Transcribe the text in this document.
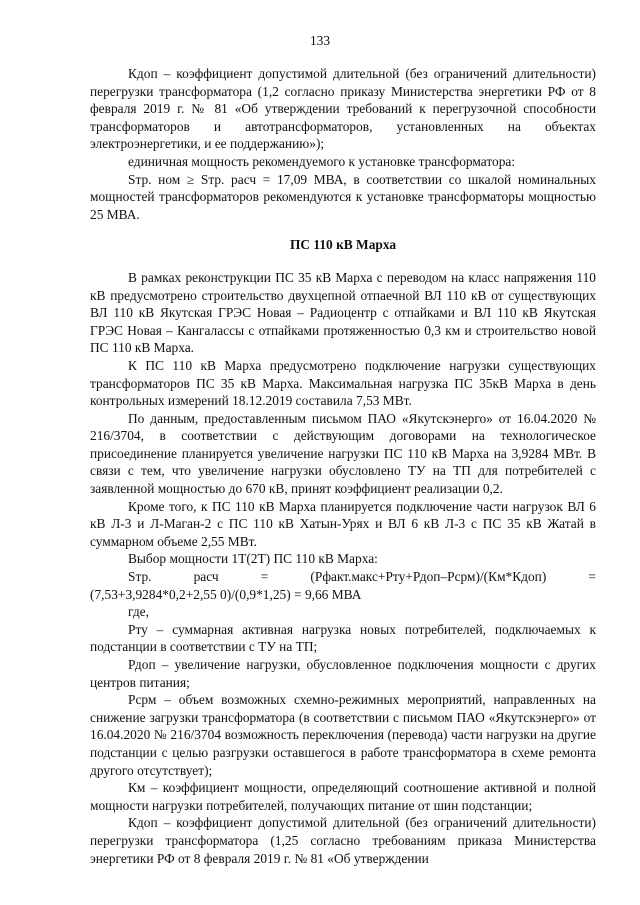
133

Кдоп – коэффициент допустимой длительной (без ограничений длительности) перегрузки трансформатора (1,2 согласно приказу Министерства энергетики РФ от 8 февраля 2019 г. № 81 «Об утверждении требований к перегрузочной способности трансформаторов и автотрансформаторов, установленных на объектах электроэнергетики, и ее поддержанию»);

единичная мощность рекомендуемого к установке трансформатора:

Sтр. ном ≥ Sтр. расч = 17,09 МВА, в соответствии со шкалой номинальных мощностей трансформаторов рекомендуются к установке трансформаторы мощностью 25 МВА.

ПС 110 кВ Марха

В рамках реконструкции ПС 35 кВ Марха с переводом на класс напряжения 110 кВ предусмотрено строительство двухцепной отпаечной ВЛ 110 кВ от существующих ВЛ 110 кВ Якутская ГРЭС Новая – Радиоцентр с отпайками и ВЛ 110 кВ Якутская ГРЭС Новая – Кангалассы с отпайками протяженностью 0,3 км и строительство новой ПС 110 кВ Марха.

К ПС 110 кВ Марха предусмотрено подключение нагрузки существующих трансформаторов ПС 35 кВ Марха. Максимальная нагрузка ПС 35кВ Марха в день контрольных измерений 18.12.2019 составила 7,53 МВт.

По данным, предоставленным письмом ПАО «Якутскэнерго» от 16.04.2020 № 216/3704, в соответствии с действующим договорами на технологическое присоединение планируется увеличение нагрузки ПС 110 кВ Марха на 3,9284 МВт. В связи с тем, что увеличение нагрузки обусловлено ТУ на ТП для потребителей с заявленной мощностью до 670 кВ, принят коэффициент реализации 0,2.

Кроме того, к ПС 110 кВ Марха планируется подключение части нагрузок ВЛ 6 кВ Л-3 и Л-Маган-2 с ПС 110 кВ Хатын-Урях и ВЛ 6 кВ Л-3 с ПС 35 кВ Жатай в суммарном объеме 2,55 МВт.

Выбор мощности 1Т(2Т) ПС 110 кВ Марха:

Sтр.	расч	=	(Рфакт.макс+Рту+Рдоп–Рсрм)/(Км*Кдоп)	=

(7,53+3,9284*0,2+2,55 0)/(0,9*1,25) = 9,66 МВА

где,

Рту – суммарная активная нагрузка новых потребителей, подключаемых к подстанции в соответствии с ТУ на ТП;

Рдоп – увеличение нагрузки, обусловленное подключения мощности с других центров питания;

Рсрм – объем возможных схемно-режимных мероприятий, направленных на снижение загрузки трансформатора (в соответствии с письмом ПАО «Якутскэнерго» от 16.04.2020 № 216/3704 возможность переключения (перевода) части нагрузки на другие подстанции с целью разгрузки оставшегося в работе трансформатора в схеме ремонта другого отсутствует);

Км – коэффициент мощности, определяющий соотношение активной и полной мощности нагрузки потребителей, получающих питание от шин подстанции;

Кдоп – коэффициент допустимой длительной (без ограничений длительности) перегрузки трансформатора (1,25 согласно требованиям приказа Министерства энергетики РФ от 8 февраля 2019 г. № 81 «Об утверждении
